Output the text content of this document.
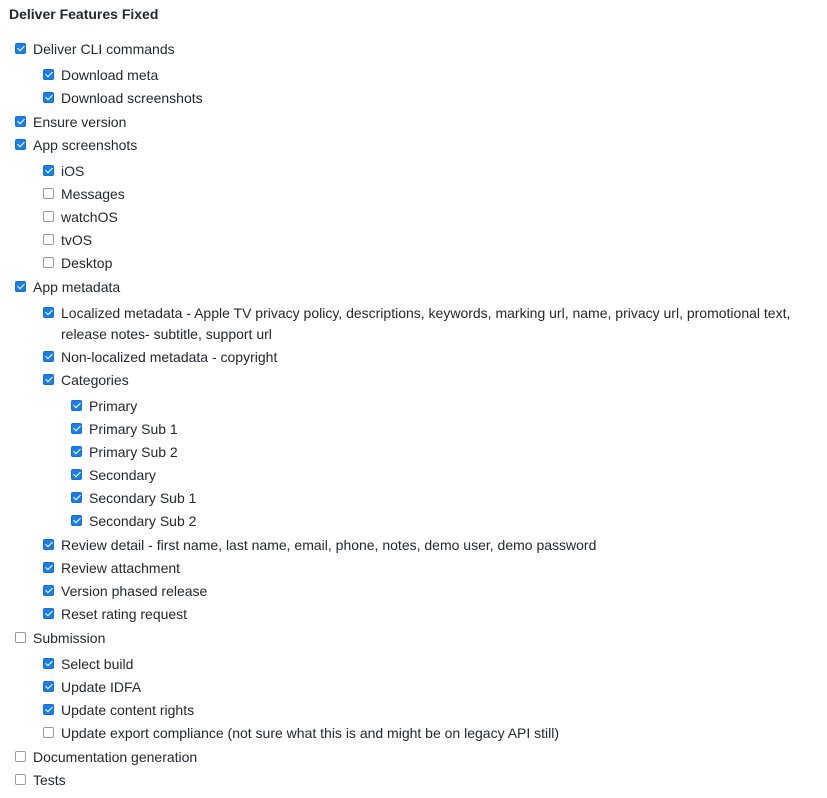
Deliver Features Fixed
Deliver CLI commands
Download meta
Download screenshots
Ensure version
App screenshots
iOS
Messages
watchOS
tvOS
Desktop
App metadata
Localized metadata - Apple TV privacy policy, descriptions, keywords, marking url, name, privacy url, promotional text, release notes- subtitle, support url
Non-localized metadata - copyright
Categories
Primary
Primary Sub 1
Primary Sub 2
Secondary
Secondary Sub 1
Secondary Sub 2
Review detail - first name, last name, email, phone, notes, demo user, demo password
Review attachment
Version phased release
Reset rating request
Submission
Select build
Update IDFA
Update content rights
Update export compliance (not sure what this is and might be on legacy API still)
Documentation generation
Tests
